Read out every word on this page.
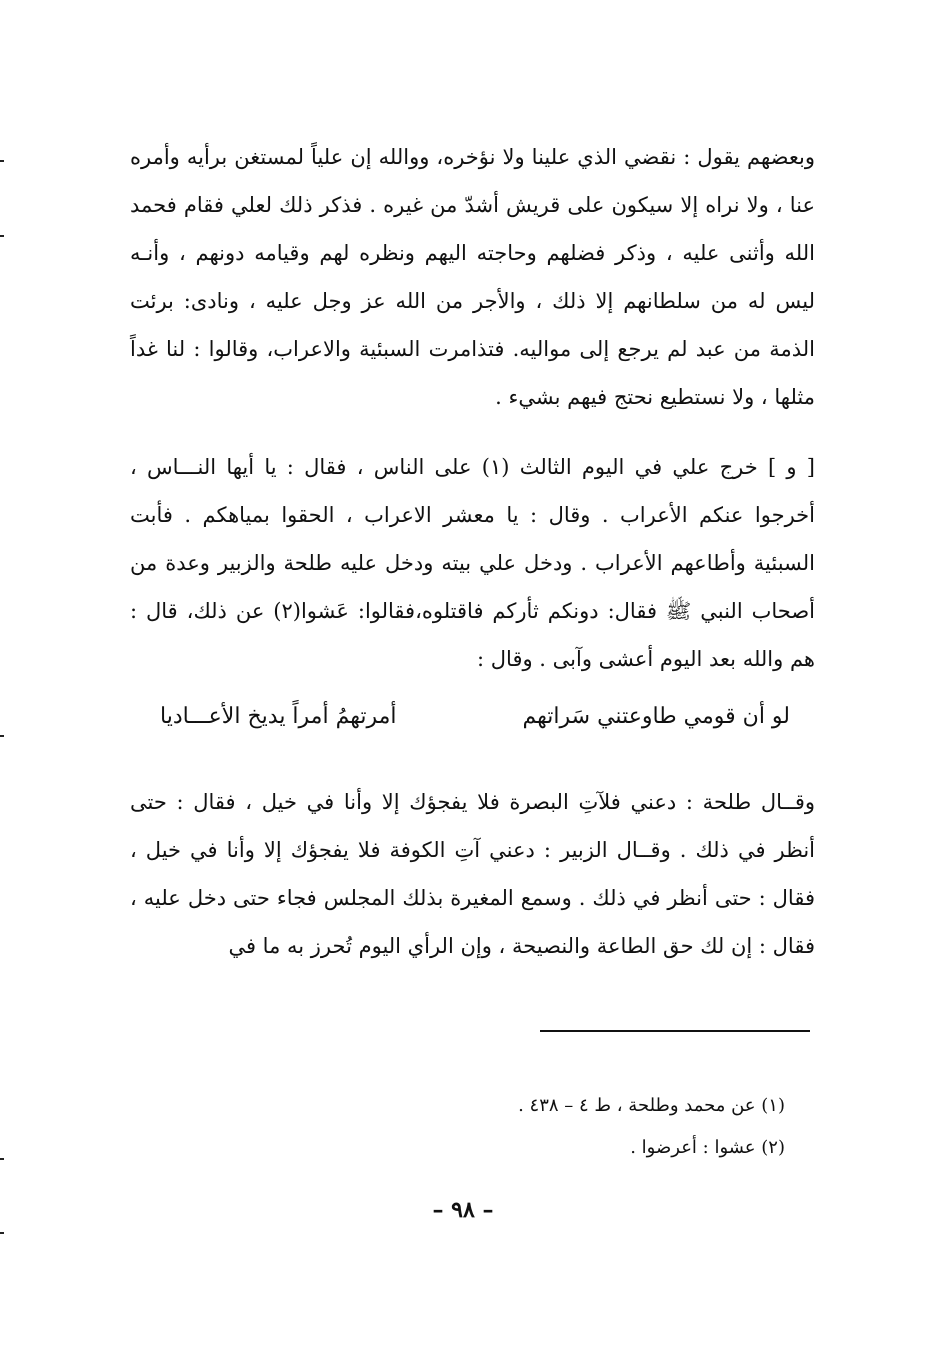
وبعضهم يقول : نقضي الذي علينا ولا نؤخره، ووالله إن علياً لمستغن برأيه وأمره عنا ، ولا نراه إلا سيكون على قريش أشدّ من غيره . فذكر ذلك لعلي فقام فحمد الله وأثنى عليه ، وذكر فضلهم وحاجته اليهم ونظره لهم وقيامه دونهم ، وأنـه ليس له من سلطانهم إلا ذلك ، والأجر من الله عز وجل عليه ، ونادى: برئت الذمة من عبد لم يرجع إلى مواليه. فتذامرت السبئية والاعراب، وقالوا : لنا غداً مثلها ، ولا نستطيع نحتج فيهم بشيء .

[ و ] خرج علي في اليوم الثالث (١) على الناس ، فقال : يا أيها النـــاس ، أخرجوا عنكم الأعراب . وقال : يا معشر الاعراب ، الحقوا بمياهكم . فأبت السبئية وأطاعهم الأعراب . ودخل علي بيته ودخل عليه طلحة والزبير وعدة من أصحاب النبي ﷺ فقال: دونكم ثأركم فاقتلوه،فقالوا: عَشوا(٢) عن ذلك، قال : هم والله بعد اليوم أعشى وآبى . وقال :

لو أن قومي طاوعتني سَراتهم
أمرتهمُ أمراً يديخ الأعـــاديا

وقــال طلحة : دعني فلآتِ البصرة فلا يفجؤك إلا وأنا في خيل ، فقال : حتى أنظر في ذلك . وقــال الزبير : دعني آتِ الكوفة فلا يفجؤك إلا وأنا في خيل ، فقال : حتى أنظر في ذلك . وسمع المغيرة بذلك المجلس فجاء حتى دخل عليه ، فقال : إن لك حق الطاعة والنصيحة ، وإن الرأي اليوم تُحرز به ما في

(١) عن محمد وطلحة ، ط ٤ – ٤٣٨ .
(٢) عشوا : أعرضوا .
– ٩٨ –
